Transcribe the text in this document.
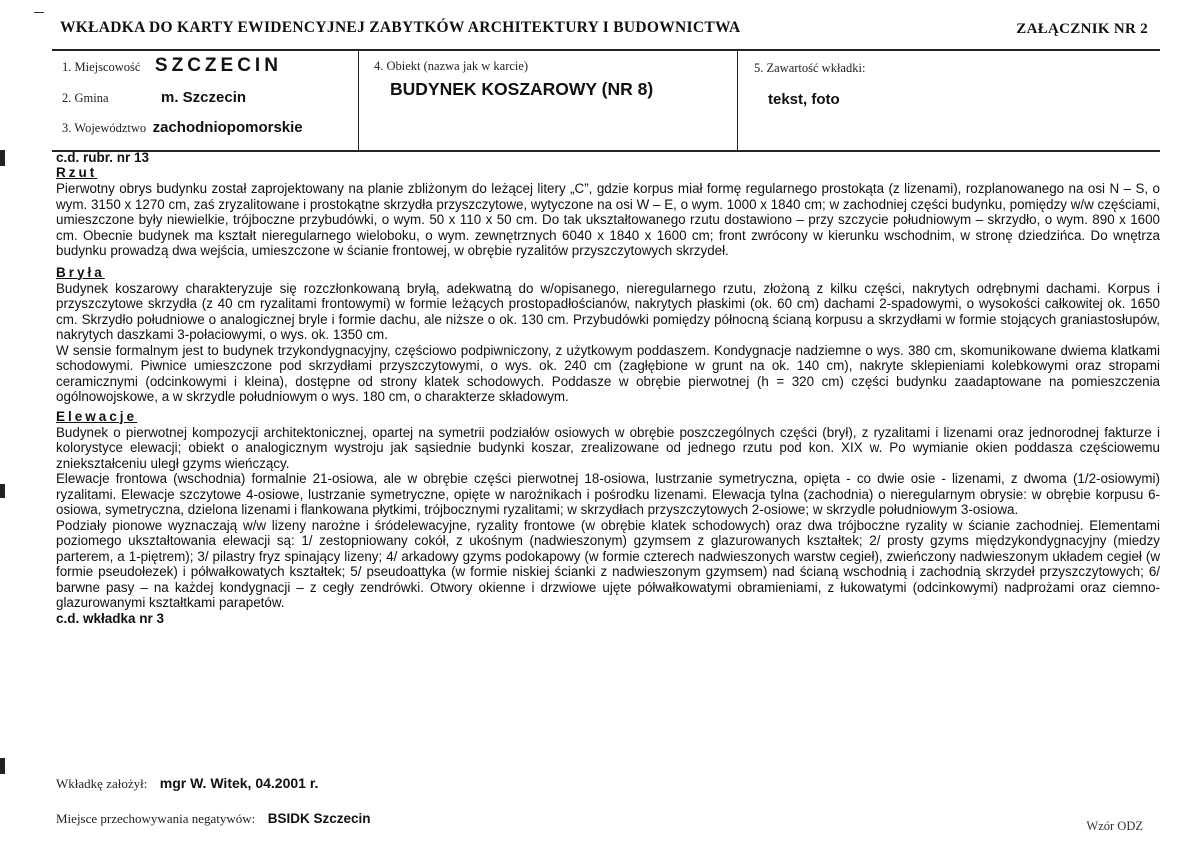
WKŁADKA DO KARTY EWIDENCYJNEJ ZABYTKÓW ARCHITEKTURY I BUDOWNICTWA	ZAŁĄCZNIK NR 2
1. Miejscowość SZCZECIN
2. Gmina	m. Szczecin
3. Województwo zachodniopomorskie
4. Obiekt (nazwa jak w karcie)
BUDYNEK KOSZAROWY (NR 8)
5. Zawartość wkładki:
tekst, foto
c.d. rubr. nr 13
Rzut

Pierwotny obrys budynku został zaprojektowany na planie zbliżonym do leżącej litery „C”, gdzie korpus miał formę regularnego prostokąta (z lizenami), rozplanowanego na osi N – S, o wym. 3150 x 1270 cm, zaś zryzalitowane i prostokątne skrzydła przyszczytowe, wytyczone na osi W – E, o wym. 1000 x 1840 cm; w zachodniej części budynku, pomiędzy w/w częściami, umieszczone były niewielkie, trójboczne przybudówki, o wym. 50 x 110 x 50 cm. Do tak ukształtowanego rzutu dostawiono – przy szczycie południowym – skrzydło, o wym. 890 x 1600 cm. Obecnie budynek ma kształt nieregularnego wieloboku, o wym. zewnętrznych 6040 x 1840 x 1600 cm; front zwrócony w kierunku wschodnim, w stronę dziedzińca. Do wnętrza budynku prowadzą dwa wejścia, umieszczone w ścianie frontowej, w obrębie ryzalitów przyszczytowych skrzydeł.

Bryła

Budynek koszarowy charakteryzuje się rozczłonkowaną bryłą, adekwatną do w/opisanego, nieregularnego rzutu, złożoną z kilku części, nakrytych odrębnymi dachami. Korpus i przyszczytowe skrzydła (z 40 cm ryzalitami frontowymi) w formie leżących prostopadłościanów, nakrytych płaskimi (ok. 60 cm) dachami 2-spadowymi, o wysokości całkowitej ok. 1650 cm. Skrzydło południowe o analogicznej bryle i formie dachu, ale niższe o ok. 130 cm. Przybudówki pomiędzy północną ścianą korpusu a skrzydłami w formie stojących graniastosłupów, nakrytych daszkami 3-połaciowymi, o wys. ok. 1350 cm.

W sensie formalnym jest to budynek trzykondygnacyjny, częściowo podpiwniczony, z użytkowym poddaszem. Kondygnacje nadziemne o wys. 380 cm, skomunikowane dwiema klatkami schodowymi. Piwnice umieszczone pod skrzydłami przyszczytowymi, o wys. ok. 240 cm (zagłębione w grunt na ok. 140 cm), nakryte sklepieniami kolebkowymi oraz stropami ceramicznymi (odcinkowymi i kleina), dostępne od strony klatek schodowych. Poddasze w obrębie pierwotnej (h = 320 cm) części budynku zaadaptowane na pomieszczenia ogólnowojskowe, a w skrzydle południowym o wys. 180 cm, o charakterze składowym.

Elewacje

Budynek o pierwotnej kompozycji architektonicznej, opartej na symetrii podziałów osiowych w obrębie poszczególnych części (brył), z ryzalitami i lizenami oraz jednorodnej fakturze i kolorystyce elewacji; obiekt o analogicznym wystroju jak sąsiednie budynki koszar, zrealizowane od jednego rzutu pod kon. XIX w. Po wymianie okien poddasza częściowemu zniekształceniu uległ gzyms wieńczący.

Elewacje frontowa (wschodnia) formalnie 21-osiowa, ale w obrębie części pierwotnej 18-osiowa, lustrzanie symetryczna, opięta - co dwie osie - lizenami, z dwoma (1/2-osiowymi) ryzalitami. Elewacje szczytowe 4-osiowe, lustrzanie symetryczne, opięte w narożnikach i pośrodku lizenami. Elewacja tylna (zachodnia) o nieregularnym obrysie: w obrębie korpusu 6-osiowa, symetryczna, dzielona lizenami i flankowana płytkimi, trójbocznymi ryzalitami; w skrzydłach przyszczytowych 2-osiowe; w skrzydle południowym 3-osiowa.

Podziały pionowe wyznaczają w/w lizeny narożne i śródelewacyjne, ryzality frontowe (w obrębie klatek schodowych) oraz dwa trójboczne ryzality w ścianie zachodniej. Elementami poziomego ukształtowania elewacji są: 1/ zestopniowany cokół, z ukośnym (nadwieszonym) gzymsem z glazurowanych kształtek; 2/ prosty gzyms międzykondygnacyjny (miedzy parterem, a 1-piętrem); 3/ pilastry fryz spinający lizeny; 4/ arkadowy gzyms podokapowy (w formie czterech nadwieszonych warstw cegieł), zwieńczony nadwieszonym układem cegieł (w formie pseudołezek) i półwałkowatych kształtek; 5/ pseudoattyka (w formie niskiej ścianki z nadwieszonym gzymsem) nad ścianą wschodnią i zachodnią skrzydeł przyszczytowych; 6/ barwne pasy – na każdej kondygnacji – z cegły zendrówki. Otwory okienne i drzwiowe ujęte półwałkowatymi obramieniami, z łukowatymi (odcinkowymi) nadprożami oraz ciemno-glazurowanymi kształtkami parapetów.

c.d. wkładka nr 3
Wkładkę założył: mgr W. Witek, 04.2001 r.
Miejsce przechowywania negatywów: BSIDK Szczecin	Wzór ODZ
